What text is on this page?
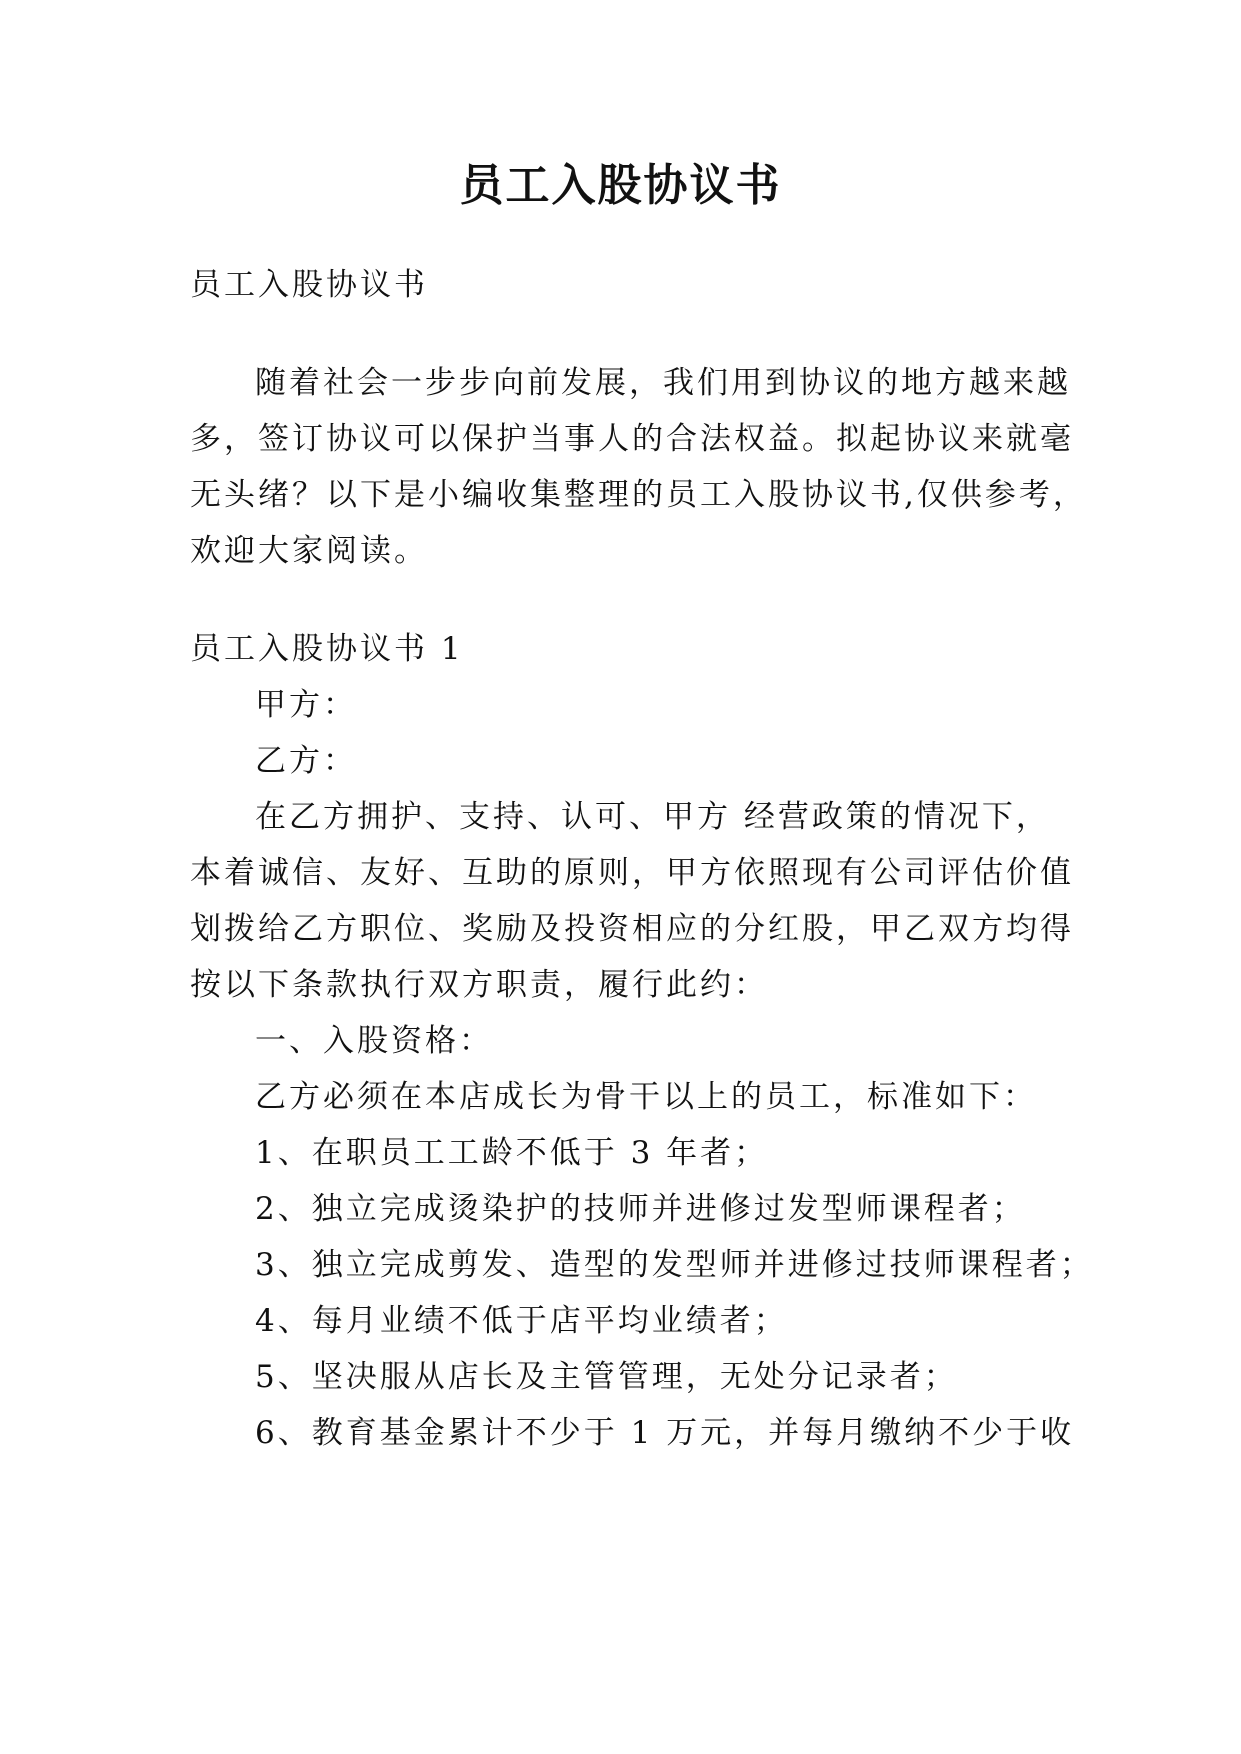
员工入股协议书
员工入股协议书
随着社会一步步向前发展，我们用到协议的地方越来越
多，签订协议可以保护当事人的合法权益。拟起协议来就毫
无头绪？以下是小编收集整理的员工入股协议书,仅供参考，
欢迎大家阅读。
员工入股协议书 1
甲方：
乙方：
在乙方拥护、支持、认可、甲方 经营政策的情况下，
本着诚信、友好、互助的原则，甲方依照现有公司评估价值
划拨给乙方职位、奖励及投资相应的分红股，甲乙双方均得
按以下条款执行双方职责，履行此约：
一、入股资格：
乙方必须在本店成长为骨干以上的员工，标准如下：
1、在职员工工龄不低于 3 年者；
2、独立完成烫染护的技师并进修过发型师课程者；
3、独立完成剪发、造型的发型师并进修过技师课程者；
4、每月业绩不低于店平均业绩者；
5、坚决服从店长及主管管理，无处分记录者；
6、教育基金累计不少于 1 万元，并每月缴纳不少于收
